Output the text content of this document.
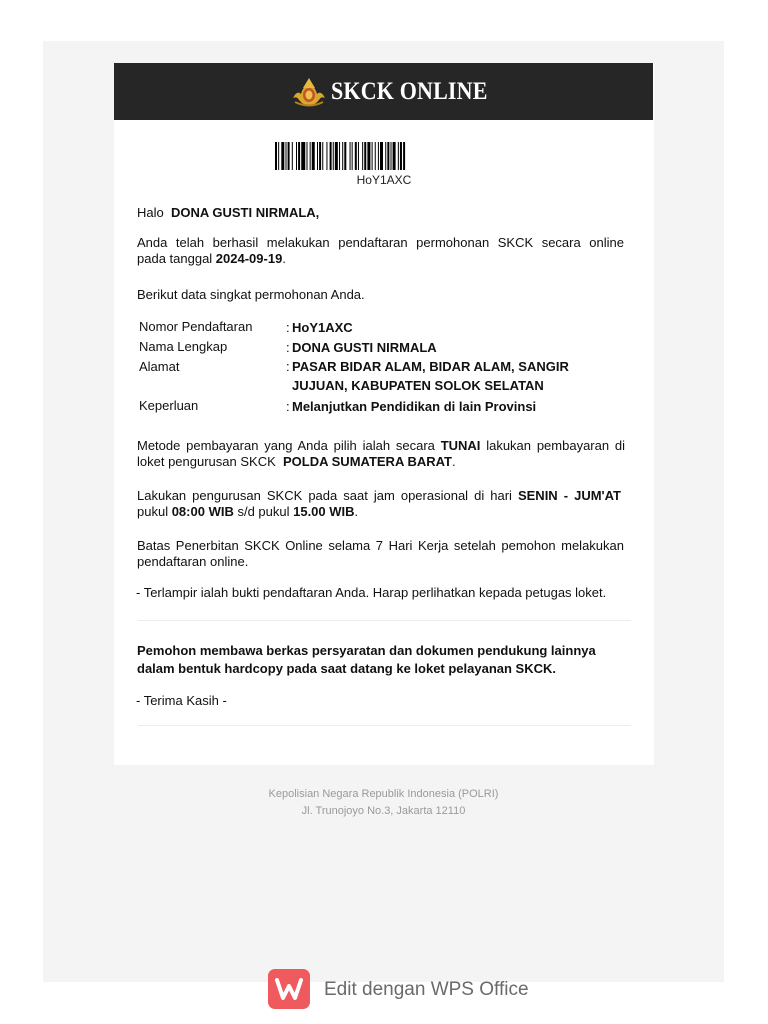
SKCK ONLINE
HoY1AXC
Halo DONA GUSTI NIRMALA,
Anda telah berhasil melakukan pendaftaran permohonan SKCK secara online
pada tanggal 2024-09-19.
Berikut data singkat permohonan Anda.
Nomor Pendaftaran	: HoY1AXC
Nama Lengkap	: DONA GUSTI NIRMALA
Alamat	: PASAR BIDAR ALAM, BIDAR ALAM, SANGIR
JUJUAN, KABUPATEN SOLOK SELATAN
Keperluan	: Melanjutkan Pendidikan di lain Provinsi
Metode pembayaran yang Anda pilih ialah secara TUNAI lakukan pembayaran di
loket pengurusan SKCK  POLDA SUMATERA BARAT.
Lakukan pengurusan SKCK pada saat jam operasional di hari SENIN - JUM'AT
pukul 08:00 WIB s/d pukul 15.00 WIB.
Batas Penerbitan SKCK Online selama 7 Hari Kerja setelah pemohon melakukan
pendaftaran online.
- Terlampir ialah bukti pendaftaran Anda. Harap perlihatkan kepada petugas loket.
Pemohon membawa berkas persyaratan dan dokumen pendukung lainnya
dalam bentuk hardcopy pada saat datang ke loket pelayanan SKCK.
- Terima Kasih -
Kepolisian Negara Republik Indonesia (POLRI)
Jl. Trunojoyo No.3, Jakarta 12110
Edit dengan WPS Office
